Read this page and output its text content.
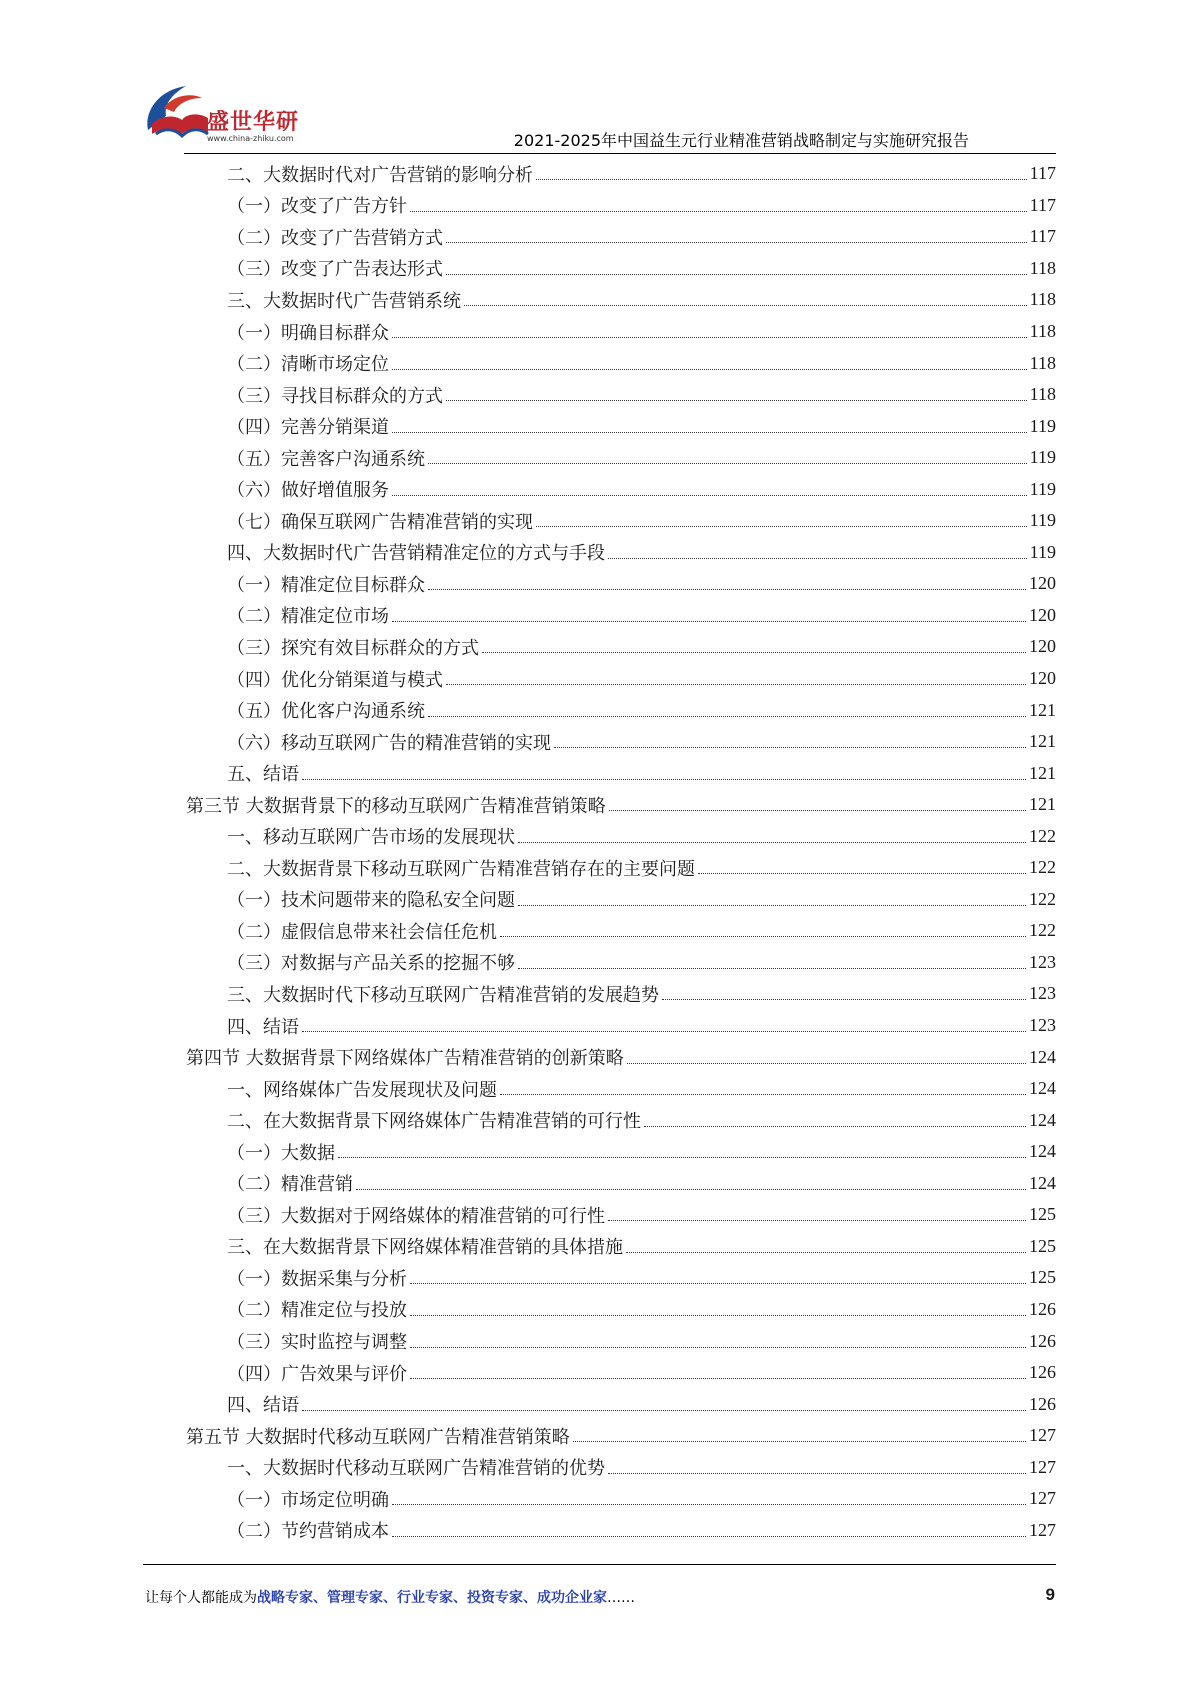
盛世华研
www.china-zhiku.com	2021-2025年中国益生元行业精准营销战略制定与实施研究报告
二、大数据时代对广告营销的影响分析	117
（一）改变了广告方针	117
（二）改变了广告营销方式	117
（三）改变了广告表达形式	118
三、大数据时代广告营销系统	118
（一）明确目标群众	118
（二）清晰市场定位	118
（三）寻找目标群众的方式	118
（四）完善分销渠道	119
（五）完善客户沟通系统	119
（六）做好增值服务	119
（七）确保互联网广告精准营销的实现	119
四、大数据时代广告营销精准定位的方式与手段	119
（一）精准定位目标群众	120
（二）精准定位市场	120
（三）探究有效目标群众的方式	120
（四）优化分销渠道与模式	120
（五）优化客户沟通系统	121
（六）移动互联网广告的精准营销的实现	121
五、结语	121
第三节 大数据背景下的移动互联网广告精准营销策略	121
一、移动互联网广告市场的发展现状	122
二、大数据背景下移动互联网广告精准营销存在的主要问题	122
（一）技术问题带来的隐私安全问题	122
（二）虚假信息带来社会信任危机	122
（三）对数据与产品关系的挖掘不够	123
三、大数据时代下移动互联网广告精准营销的发展趋势	123
四、结语	123
第四节 大数据背景下网络媒体广告精准营销的创新策略	124
一、网络媒体广告发展现状及问题	124
二、在大数据背景下网络媒体广告精准营销的可行性	124
（一）大数据	124
（二）精准营销	124
（三）大数据对于网络媒体的精准营销的可行性	125
三、在大数据背景下网络媒体精准营销的具体措施	125
（一）数据采集与分析	125
（二）精准定位与投放	126
（三）实时监控与调整	126
（四）广告效果与评价	126
四、结语	126
第五节 大数据时代移动互联网广告精准营销策略	127
一、大数据时代移动互联网广告精准营销的优势	127
（一）市场定位明确	127
（二）节约营销成本	127
让每个人都能成为战略专家、管理专家、行业专家、投资专家、成功企业家……	9
